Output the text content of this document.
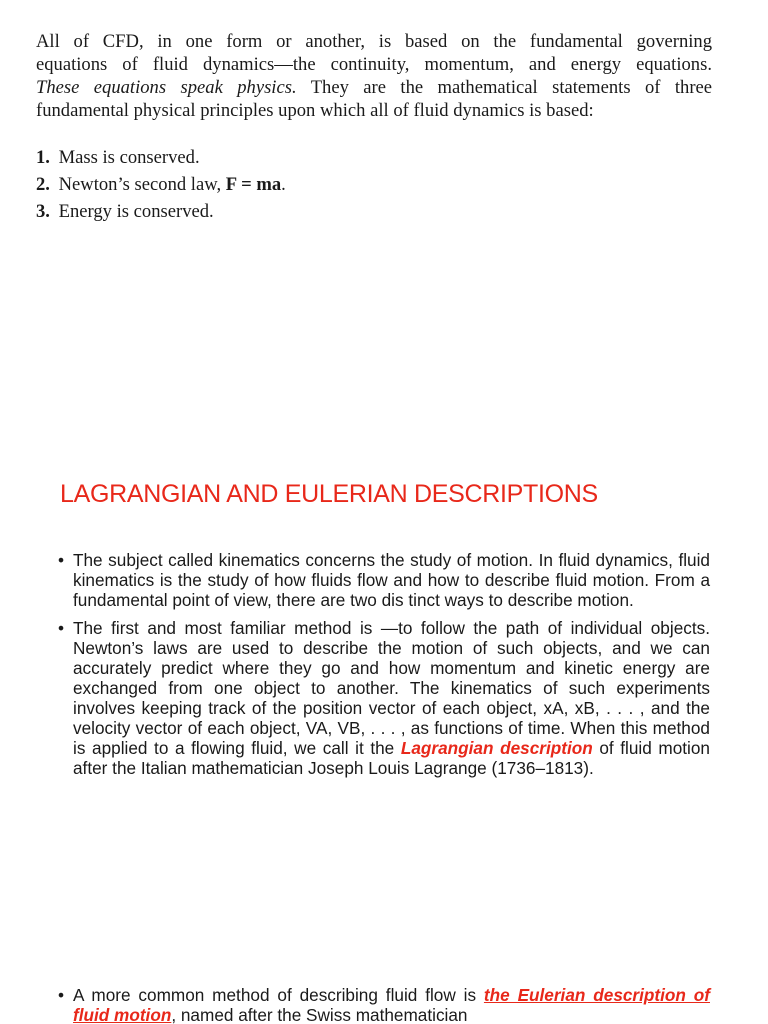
All of CFD, in one form or another, is based on the fundamental governing
equations of fluid dynamics—the continuity, momentum, and energy equations.
These equations speak physics. They are the mathematical statements of three
fundamental physical principles upon which all of fluid dynamics is based:

1. Mass is conserved.
2. Newton’s second law, F = ma.
3. Energy is conserved.
LAGRANGIAN AND EULERIAN DESCRIPTIONS
• The subject called kinematics concerns the study of motion. In fluid dynamics, fluid kinematics is the study of how fluids flow and how to describe fluid motion. From a fundamental point of view, there are two dis tinct ways to describe motion.
• The first and most familiar method is —to follow the path of individual objects. Newton’s laws are used to describe the motion of such objects, and we can accurately predict where they go and how momentum and kinetic energy are exchanged from one object to another. The kinematics of such experiments involves keeping track of the position vector of each object, xA, xB, . . . , and the velocity vector of each object, VA, VB, . . . , as functions of time. When this method is applied to a flowing fluid, we call it the Lagrangian description of fluid motion after the Italian mathematician Joseph Louis Lagrange (1736–1813).
• A more common method of describing fluid flow is the Eulerian description of fluid motion, named after the Swiss mathematician
